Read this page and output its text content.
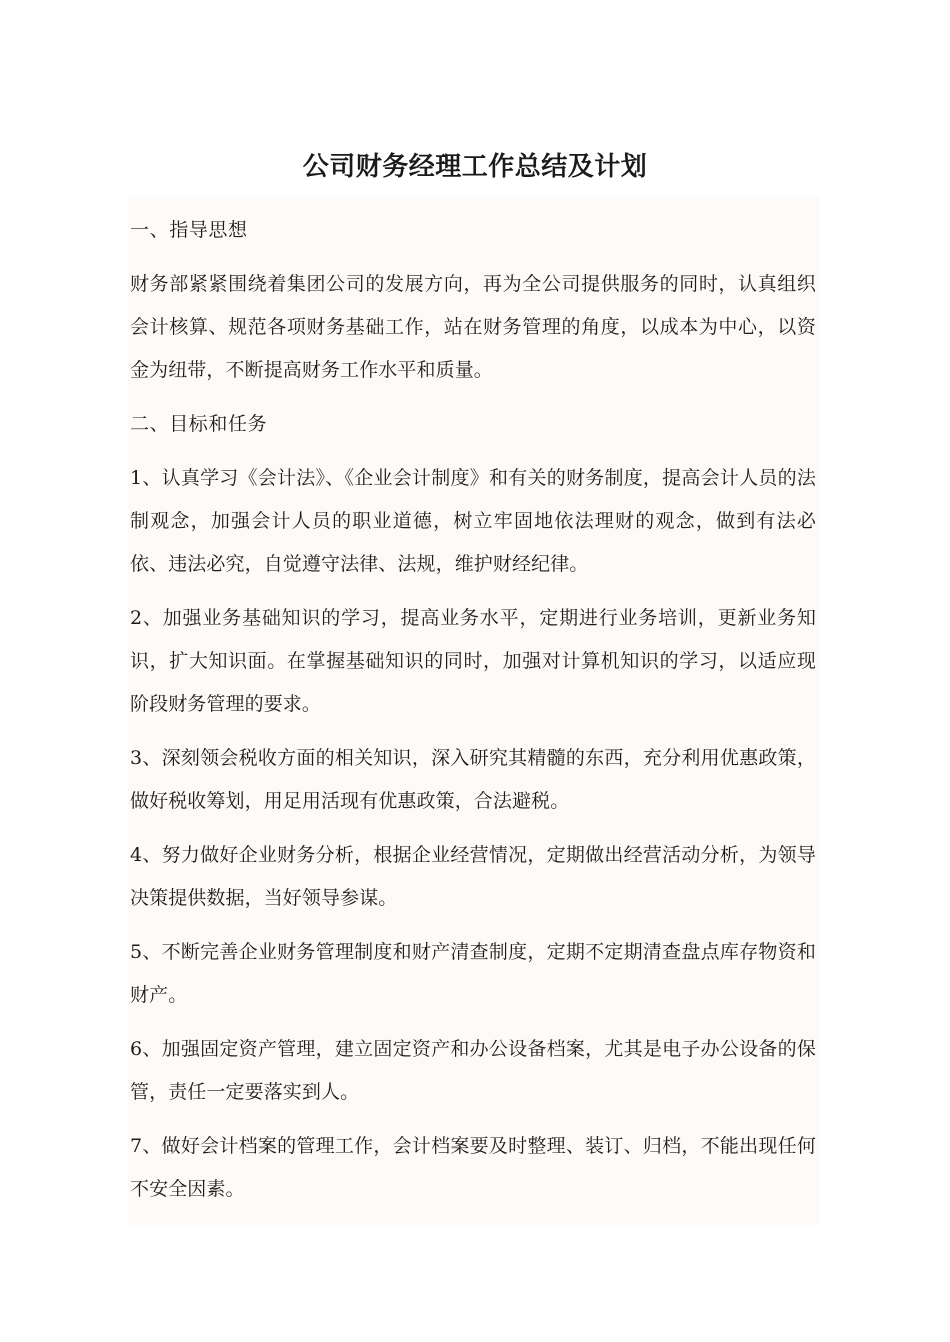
公司财务经理工作总结及计划
一、指导思想
财务部紧紧围绕着集团公司的发展方向，再为全公司提供服务的同时，认真组织会计核算、规范各项财务基础工作，站在财务管理的角度，以成本为中心，以资金为纽带，不断提高财务工作水平和质量。
二、目标和任务
1、认真学习《会计法》、《企业会计制度》和有关的财务制度，提高会计人员的法制观念，加强会计人员的职业道德，树立牢固地依法理财的观念，做到有法必依、违法必究，自觉遵守法律、法规，维护财经纪律。
2、加强业务基础知识的学习，提高业务水平，定期进行业务培训，更新业务知识，扩大知识面。在掌握基础知识的同时，加强对计算机知识的学习，以适应现阶段财务管理的要求。
3、深刻领会税收方面的相关知识，深入研究其精髓的东西，充分利用优惠政策，做好税收筹划，用足用活现有优惠政策，合法避税。
4、努力做好企业财务分析，根据企业经营情况，定期做出经营活动分析，为领导决策提供数据，当好领导参谋。
5、不断完善企业财务管理制度和财产清查制度，定期不定期清查盘点库存物资和财产。
6、加强固定资产管理，建立固定资产和办公设备档案，尤其是电子办公设备的保管，责任一定要落实到人。
7、做好会计档案的管理工作，会计档案要及时整理、装订、归档，不能出现任何不安全因素。
